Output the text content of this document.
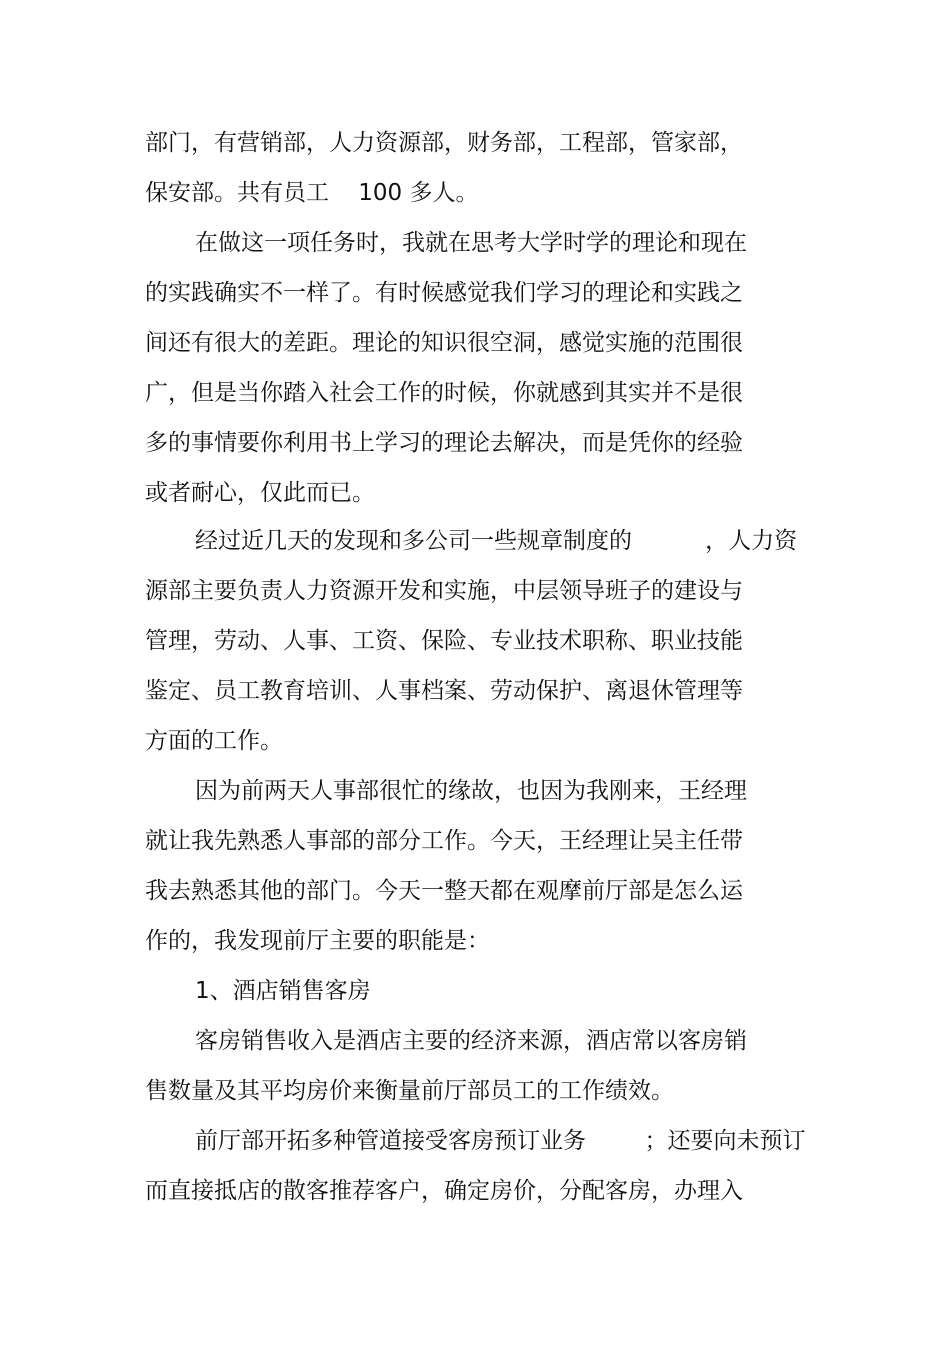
部门，有营销部，人力资源部，财务部，工程部，管家部，
保安部。共有员工    100 多人。
在做这一项任务时，我就在思考大学时学的理论和现在
的实践确实不一样了。有时候感觉我们学习的理论和实践之
间还有很大的差距。理论的知识很空洞，感觉实施的范围很
广，但是当你踏入社会工作的时候，你就感到其实并不是很
多的事情要你利用书上学习的理论去解决，而是凭你的经验
或者耐心，仅此而已。
经过近几天的发现和多公司一些规章制度的          ，人力资
源部主要负责人力资源开发和实施，中层领导班子的建设与
管理，劳动、人事、工资、保险、专业技术职称、职业技能
鉴定、员工教育培训、人事档案、劳动保护、离退休管理等
方面的工作。
因为前两天人事部很忙的缘故，也因为我刚来，王经理
就让我先熟悉人事部的部分工作。今天，王经理让吴主任带
我去熟悉其他的部门。今天一整天都在观摩前厅部是怎么运
作的，我发现前厅主要的职能是：
1、酒店销售客房
客房销售收入是酒店主要的经济来源，酒店常以客房销
售数量及其平均房价来衡量前厅部员工的工作绩效。
前厅部开拓多种管道接受客房预订业务        ；还要向未预订
而直接抵店的散客推荐客户，确定房价，分配客房，办理入
